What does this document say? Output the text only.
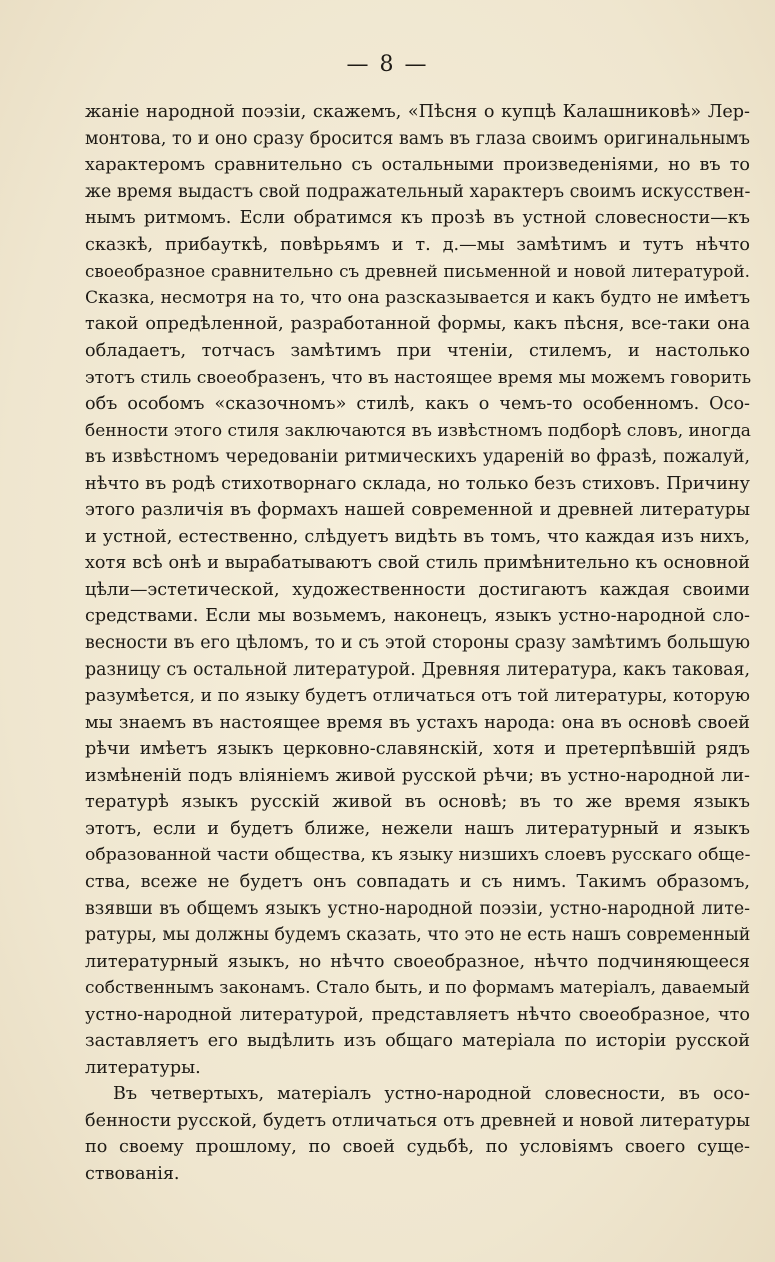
— 8 —
жаніе народной поэзіи, скажемъ, «Пѣсня о купцѣ Калашниковѣ» Лер-
монтова, то и оно сразу бросится вамъ въ глаза своимъ оригинальнымъ
характеромъ сравнительно съ остальными произведеніями, но въ то
же время выдастъ свой подражательный характеръ своимъ искусствен-
нымъ ритмомъ. Если обратимся къ прозѣ въ устной словесности—къ
сказкѣ, прибауткѣ, повѣрьямъ и т. д.—мы замѣтимъ и тутъ нѣчто
своеобразное сравнительно съ древней письменной и новой литературой.
Сказка, несмотря на то, что она разсказывается и какъ будто не имѣетъ
такой опредѣленной, разработанной формы, какъ пѣсня, все-таки она
обладаетъ, тотчасъ замѣтимъ при чтеніи, стилемъ, и настолько
этотъ стиль своеобразенъ, что въ настоящее время мы можемъ говорить
объ особомъ «сказочномъ» стилѣ, какъ о чемъ-то особенномъ. Осо-
бенности этого стиля заключаются въ извѣстномъ подборѣ словъ, иногда
въ извѣстномъ чередованіи ритмическихъ удареній во фразѣ, пожалуй,
нѣчто въ родѣ стихотворнаго склада, но только безъ стиховъ. Причину
этого различія въ формахъ нашей современной и древней литературы
и устной, естественно, слѣдуетъ видѣть въ томъ, что каждая изъ нихъ,
хотя всѣ онѣ и вырабатываютъ свой стиль примѣнительно къ основной
цѣли—эстетической, художественности достигаютъ каждая своими
средствами. Если мы возьмемъ, наконецъ, языкъ устно-народной сло-
весности въ его цѣломъ, то и съ этой стороны сразу замѣтимъ большую
разницу съ остальной литературой. Древняя литература, какъ таковая,
разумѣется, и по языку будетъ отличаться отъ той литературы, которую
мы знаемъ въ настоящее время въ устахъ народа: она въ основѣ своей
рѣчи имѣетъ языкъ церковно-славянскій, хотя и претерпѣвшій рядъ
измѣненій подъ вліяніемъ живой русской рѣчи; въ устно-народной ли-
тературѣ языкъ русскій живой въ основѣ; въ то же время языкъ
этотъ, если и будетъ ближе, нежели нашъ литературный и языкъ
образованной части общества, къ языку низшихъ слоевъ русскаго обще-
ства, всеже не будетъ онъ совпадать и съ нимъ. Такимъ образомъ,
взявши въ общемъ языкъ устно-народной поэзіи, устно-народной лите-
ратуры, мы должны будемъ сказать, что это не есть нашъ современный
литературный языкъ, но нѣчто своеобразное, нѣчто подчиняющееся
собственнымъ законамъ. Стало быть, и по формамъ матеріалъ, даваемый
устно-народной литературой, представляетъ нѣчто своеобразное, что
заставляетъ его выдѣлить изъ общаго матеріала по исторіи русской
литературы.
Въ четвертыхъ, матеріалъ устно-народной словесности, въ осо-
бенности русской, будетъ отличаться отъ древней и новой литературы
по своему прошлому, по своей судьбѣ, по условіямъ своего суще-
ствованія.
